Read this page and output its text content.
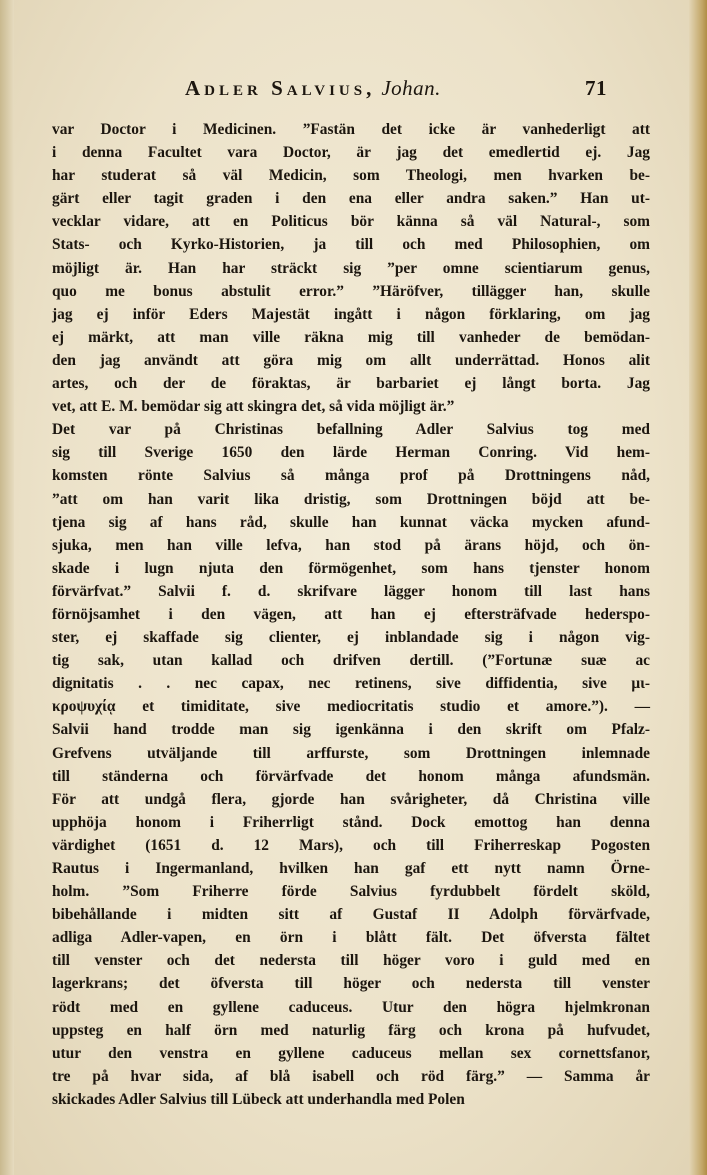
Adler Salvius, Johan.	71
var Doctor i Medicinen. ”Fastän det icke är vanhederligt att
i denna Facultet vara Doctor, är jag det emedlertid ej. Jag
har studerat så väl Medicin, som Theologi, men hvarken be-
gärt eller tagit graden i den ena eller andra saken.” Han ut-
vecklar vidare, att en Politicus bör känna så väl Natural-, som
Stats- och Kyrko-Historien, ja till och med Philosophien, om
möjligt är. Han har sträckt sig ”per omne scientiarum genus,
quo me bonus abstulit error.” ”Häröfver, tillägger han, skulle
jag ej inför Eders Majestät ingått i någon förklaring, om jag
ej märkt, att man ville räkna mig till vanheder de bemödan-
den jag användt att göra mig om allt underrättad. Honos alit
artes, och der de föraktas, är barbariet ej långt borta. Jag
vet, att E. M. bemödar sig att skingra det, så vida möjligt är.”
Det var på Christinas befallning Adler Salvius tog med
sig till Sverige 1650 den lärde Herman Conring. Vid hem-
komsten rönte Salvius så många prof på Drottningens nåd,
”att om han varit lika dristig, som Drottningen böjd att be-
tjena sig af hans råd, skulle han kunnat väcka mycken afund-
sjuka, men han ville lefva, han stod på ärans höjd, och ön-
skade i lugn njuta den förmögenhet, som hans tjenster honom
förvärfvat.” Salvii f. d. skrifvare lägger honom till last hans
förnöjsamhet i den vägen, att han ej eftersträfvade hederspo-
ster, ej skaffade sig clienter, ej inblandade sig i någon vig-
tig sak, utan kallad och drifven dertill. (”Fortunæ suæ ac
dignitatis . . nec capax, nec retinens, sive diffidentia, sive μι-
κροψυχίᾳ et timiditate, sive mediocritatis studio et amore.”). —
Salvii hand trodde man sig igenkänna i den skrift om Pfalz-
Grefvens utväljande till arffurste, som Drottningen inlemnade
till ständerna och förvärfvade det honom många afundsmän.
För att undgå flera, gjorde han svårigheter, då Christina ville
upphöja honom i Friherrligt stånd. Dock emottog han denna
värdighet (1651 d. 12 Mars), och till Friherreskap Pogosten
Rautus i Ingermanland, hvilken han gaf ett nytt namn Örne-
holm. ”Som Friherre förde Salvius fyrdubbelt fördelt sköld,
bibehållande i midten sitt af Gustaf II Adolph förvärfvade,
adliga Adler-vapen, en örn i blått fält. Det öfversta fältet
till venster och det nedersta till höger voro i guld med en
lagerkrans; det öfversta till höger och nedersta till venster
rödt med en gyllene caduceus. Utur den högra hjelmkronan
uppsteg en half örn med naturlig färg och krona på hufvudet,
utur den venstra en gyllene caduceus mellan sex cornettsfanor,
tre på hvar sida, af blå isabell och röd färg.” — Samma år
skickades Adler Salvius till Lübeck att underhandla med Polen
